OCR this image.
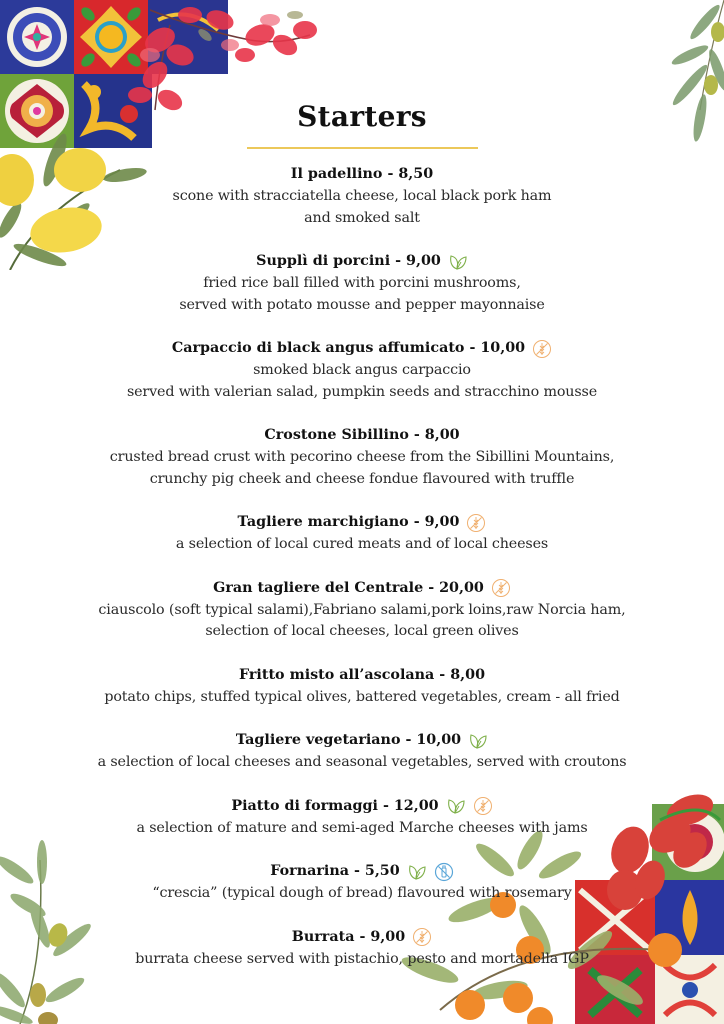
Starters
Il padellino - 8,50
scone with stracciatella cheese, local black pork ham
and smoked salt
Supplì di porcini - 9,00
fried rice ball filled with porcini mushrooms,
served with potato mousse and pepper mayonnaise
Carpaccio di black angus affumicato - 10,00
smoked black angus carpaccio
served with valerian salad, pumpkin seeds and stracchino mousse
Crostone Sibillino - 8,00
crusted bread crust with pecorino cheese from the Sibillini Mountains,
crunchy pig cheek and cheese fondue flavoured with truffle
Tagliere marchigiano - 9,00
a selection of local cured meats and of local cheeses
Gran tagliere del Centrale - 20,00
ciauscolo (soft typical salami),Fabriano salami,pork loins,raw Norcia ham,
selection of local cheeses, local green olives
Fritto misto all’ascolana - 8,00
potato chips, stuffed typical olives, battered vegetables, cream - all fried
Tagliere vegetariano - 10,00
a selection of local cheeses and seasonal vegetables, served with croutons
Piatto di formaggi - 12,00
a selection of mature and semi-aged Marche cheeses with jams
Fornarina - 5,50
“crescia” (typical dough of bread) flavoured with rosemary
Burrata - 9,00
burrata cheese served with pistachio, pesto and mortadella IGP
